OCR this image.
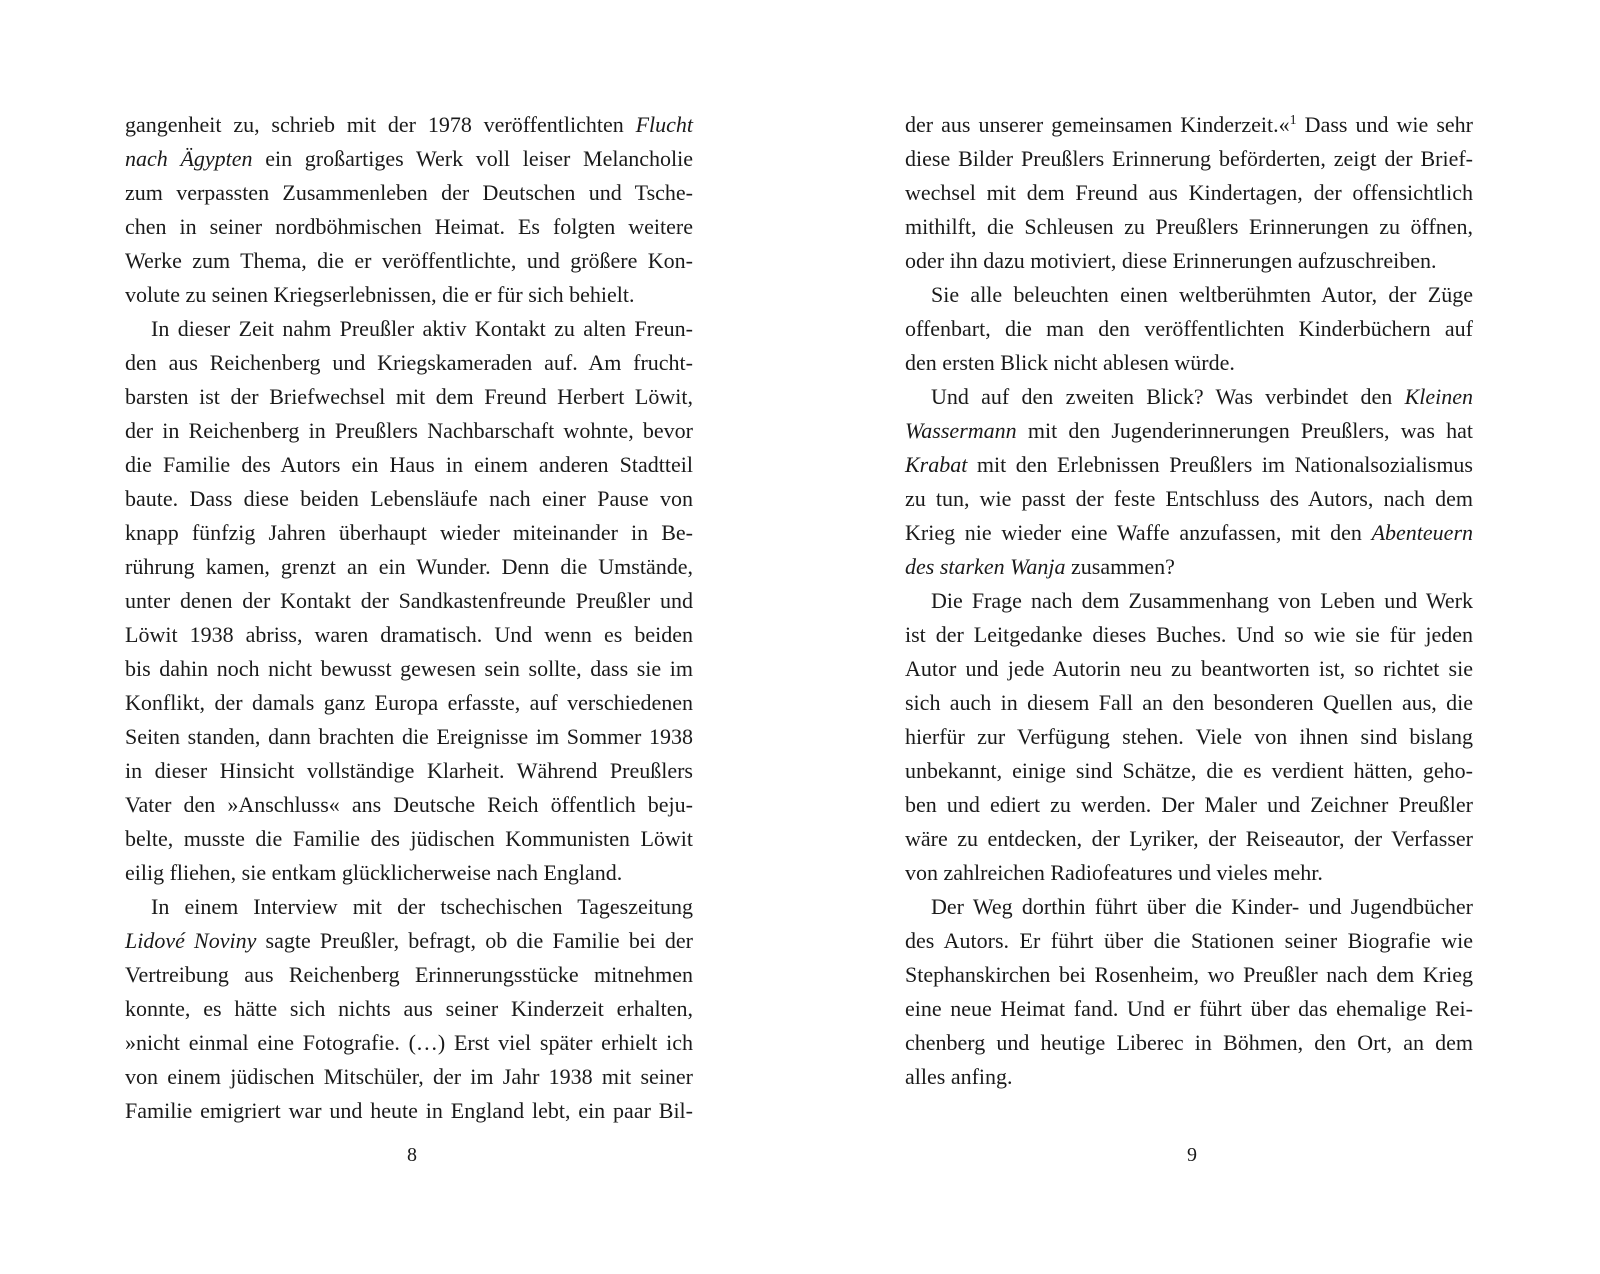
gangenheit zu, schrieb mit der 1978 veröffentlichten Flucht
nach Ägypten ein großartiges Werk voll leiser Melancholie
zum verpassten Zusammenleben der Deutschen und Tsche-
chen in seiner nordböhmischen Heimat. Es folgten weitere
Werke zum Thema, die er veröffentlichte, und größere Kon-
volute zu seinen Kriegserlebnissen, die er für sich behielt.
In dieser Zeit nahm Preußler aktiv Kontakt zu alten Freun-
den aus Reichenberg und Kriegskameraden auf. Am frucht-
barsten ist der Briefwechsel mit dem Freund Herbert Löwit,
der in Reichenberg in Preußlers Nachbarschaft wohnte, bevor
die Familie des Autors ein Haus in einem anderen Stadtteil
baute. Dass diese beiden Lebensläufe nach einer Pause von
knapp fünfzig Jahren überhaupt wieder miteinander in Be-
rührung kamen, grenzt an ein Wunder. Denn die Umstände,
unter denen der Kontakt der Sandkastenfreunde Preußler und
Löwit 1938 abriss, waren dramatisch. Und wenn es beiden
bis dahin noch nicht bewusst gewesen sein sollte, dass sie im
Konflikt, der damals ganz Europa erfasste, auf verschiedenen
Seiten standen, dann brachten die Ereignisse im Sommer 1938
in dieser Hinsicht vollständige Klarheit. Während Preußlers
Vater den »Anschluss« ans Deutsche Reich öffentlich beju-
belte, musste die Familie des jüdischen Kommunisten Löwit
eilig fliehen, sie entkam glücklicherweise nach England.
In einem Interview mit der tschechischen Tageszeitung
Lidové Noviny sagte Preußler, befragt, ob die Familie bei der
Vertreibung aus Reichenberg Erinnerungsstücke mitnehmen
konnte, es hätte sich nichts aus seiner Kinderzeit erhalten,
»nicht einmal eine Fotografie. (…) Erst viel später erhielt ich
von einem jüdischen Mitschüler, der im Jahr 1938 mit seiner
Familie emigriert war und heute in England lebt, ein paar Bil-
der aus unserer gemeinsamen Kinderzeit.«$^1$ Dass und wie sehr
diese Bilder Preußlers Erinnerung beförderten, zeigt der Brief-
wechsel mit dem Freund aus Kindertagen, der offensichtlich
mithilft, die Schleusen zu Preußlers Erinnerungen zu öffnen,
oder ihn dazu motiviert, diese Erinnerungen aufzuschreiben.
Sie alle beleuchten einen weltberühmten Autor, der Züge
offenbart, die man den veröffentlichten Kinderbüchern auf
den ersten Blick nicht ablesen würde.
Und auf den zweiten Blick? Was verbindet den Kleinen
Wassermann mit den Jugenderinnerungen Preußlers, was hat
Krabat mit den Erlebnissen Preußlers im Nationalsozialismus
zu tun, wie passt der feste Entschluss des Autors, nach dem
Krieg nie wieder eine Waffe anzufassen, mit den Abenteuern
des starken Wanja zusammen?
Die Frage nach dem Zusammenhang von Leben und Werk
ist der Leitgedanke dieses Buches. Und so wie sie für jeden
Autor und jede Autorin neu zu beantworten ist, so richtet sie
sich auch in diesem Fall an den besonderen Quellen aus, die
hierfür zur Verfügung stehen. Viele von ihnen sind bislang
unbekannt, einige sind Schätze, die es verdient hätten, geho-
ben und ediert zu werden. Der Maler und Zeichner Preußler
wäre zu entdecken, der Lyriker, der Reiseautor, der Verfasser
von zahlreichen Radiofeatures und vieles mehr.
Der Weg dorthin führt über die Kinder- und Jugendbücher
des Autors. Er führt über die Stationen seiner Biografie wie
Stephanskirchen bei Rosenheim, wo Preußler nach dem Krieg
eine neue Heimat fand. Und er führt über das ehemalige Rei-
chenberg und heutige Liberec in Böhmen, den Ort, an dem
alles anfing.
8	9
